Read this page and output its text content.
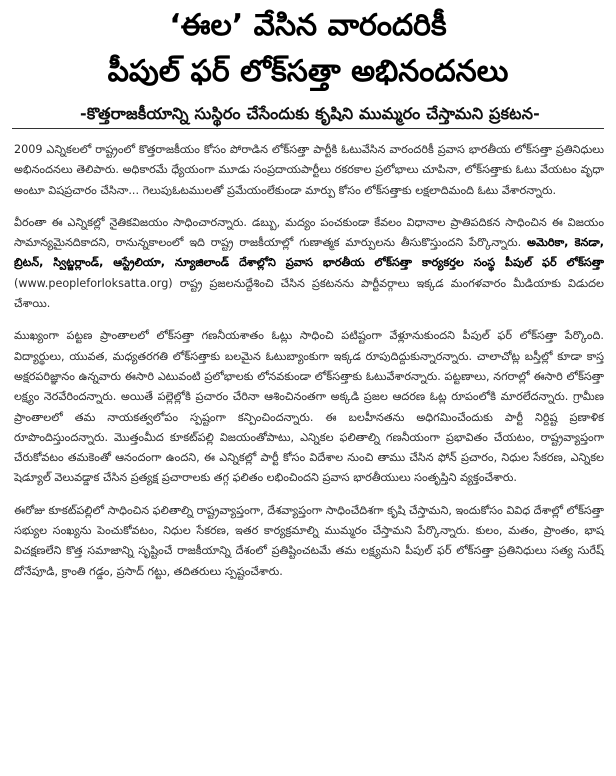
‘ఈల’ వేసిన వారందరికీ
పీపుల్ ఫర్ లోక్‌సత్తా అభినందనలు
-కొత్తరాజకీయాన్ని సుస్థిరం చేసేందుకు కృషిని ముమ్మరం చేస్తామని ప్రకటన-

2009 ఎన్నికలలో రాష్ట్రంలో కొత్తరాజకీయం కోసం పోరాడిన లోక్‌సత్తా పార్టీకి ఓటువేసిన వారందరికీ ప్రవాస భారతీయ లోక్‌సత్తా ప్రతినిధులు అభినందనలు తెలిపారు. అధికారమే ధ్యేయంగా మూడు సంప్రదాయపార్టీలు రకరకాల ప్రలోభాలు చూపినా, లోక్‌సత్తాకు ఓటు వేయటం వృధా అంటూ విషప్రచారం చేసినా... గెలుపుఓటములతో ప్రమేయంలేకుండా మార్పు కోసం లోక్‌సత్తాకు లక్షలాదిమంది ఓటు వేశారన్నారు.

వీరంతా ఈ ఎన్నికల్లో నైతికవిజయం సాధించారన్నారు. డబ్బు, మద్యం పంచకుండా కేవలం విధానాల ప్రాతిపదికన సాధించిన ఈ విజయం సామాన్యమైనదికాదని, రానున్నకాలంలో ఇది రాష్ట్ర రాజకీయాల్లో గుణాత్మక మార్పులను తీసుకొస్తుందని పేర్కొన్నారు. అమెరికా, కెనడా, బ్రిటన్, స్విట్జర్లాండ్, ఆస్ట్రేలియా, న్యూజిలాండ్ దేశాల్లోని ప్రవాస భారతీయ లోక్‌సత్తా కార్యకర్తల సంస్థ పీపుల్ ఫర్ లోక్‌సత్తా (www.peopleforloksatta.org) రాష్ట్ర ప్రజలనుద్దేశించి చేసిన ప్రకటనను పార్టీవర్గాలు ఇక్కడ మంగళవారం మీడియాకు విడుదల చేశాయి.

ముఖ్యంగా పట్టణ ప్రాంతాలలో లోక్‌సత్తా గణనీయశాతం ఓట్లు సాధించి పటిష్టంగా వేళ్లూనుకుందని పీపుల్ ఫర్ లోక్‌సత్తా పేర్కొంది. విద్యార్థులు, యువత, మధ్యతరగతి లోక్‌సత్తాకు బలమైన ఓటుబ్యాంకుగా ఇక్కడ రూపుదిద్దుకున్నారన్నారు. చాలాచోట్ల బస్తీల్లో కూడా కాస్త అక్షరపరిజ్ఞానం ఉన్నవారు ఈసారి ఎటువంటి ప్రలోభాలకు లోనవకుండా లోక్‌సత్తాకు ఓటువేశారన్నారు. పట్టణాలు, నగరాల్లో ఈసారి లోక్‌సత్తా లక్ష్యం నెరవేరిందన్నారు. అయితే పల్లెల్లోకి ప్రచారం చేరినా ఆశించినంతగా అక్కడి ప్రజల ఆదరణ ఓట్ల రూపంలోకి మారలేదన్నారు. గ్రామీణ ప్రాంతాలలో తమ నాయకత్వలోపం స్పష్టంగా కన్పించిందన్నారు. ఈ బలహీనతను అధిగమించేందుకు పార్టీ నిర్దిష్ట ప్రణాళిక రూపొందిస్తుందన్నారు. మొత్తంమీద కూకట్‌పల్లి విజయంతోపాటు, ఎన్నికల ఫలితాల్ని గణనీయంగా ప్రభావితం చేయటం, రాష్ట్రవ్యాప్తంగా చేరుకోవటం తమకెంతో ఆనందంగా ఉందని, ఈ ఎన్నికల్లో పార్టీ కోసం విదేశాల నుంచి తాము చేసిన ఫోన్ ప్రచారం, నిధుల సేకరణ, ఎన్నికల షెడ్యూల్ వెలువడ్డాక చేసిన ప్రత్యక్ష ప్రచారాలకు తగ్గ ఫలితం లభించిందని ప్రవాస భారతీయులు సంతృప్తిని వ్యక్తంచేశారు.

ఈరోజు కూకట్‌పల్లిలో సాధించిన ఫలితాల్ని రాష్ట్రవ్యాప్తంగా, దేశవ్యాప్తంగా సాధించేదిశగా కృషి చేస్తామని, ఇందుకోసం వివిధ దేశాల్లో లోక్‌సత్తా సభ్యుల సంఖ్యను పెంచుకోవటం, నిధుల సేకరణ, ఇతర కార్యక్రమాల్ని ముమ్మరం చేస్తామని పేర్కొన్నారు. కులం, మతం, ప్రాంతం, భాష విచక్షణలేని కొత్త సమాజాన్ని సృష్టించే రాజకీయాన్ని దేశంలో ప్రతిష్టించటమే తమ లక్ష్యమని పీపుల్ ఫర్ లోక్‌సత్తా ప్రతినిధులు సత్య సురేష్ దోనేపూడి, క్రాంతి గడ్డం, ప్రసాద్ గట్టు, తదితరులు స్పష్టంచేశారు.
